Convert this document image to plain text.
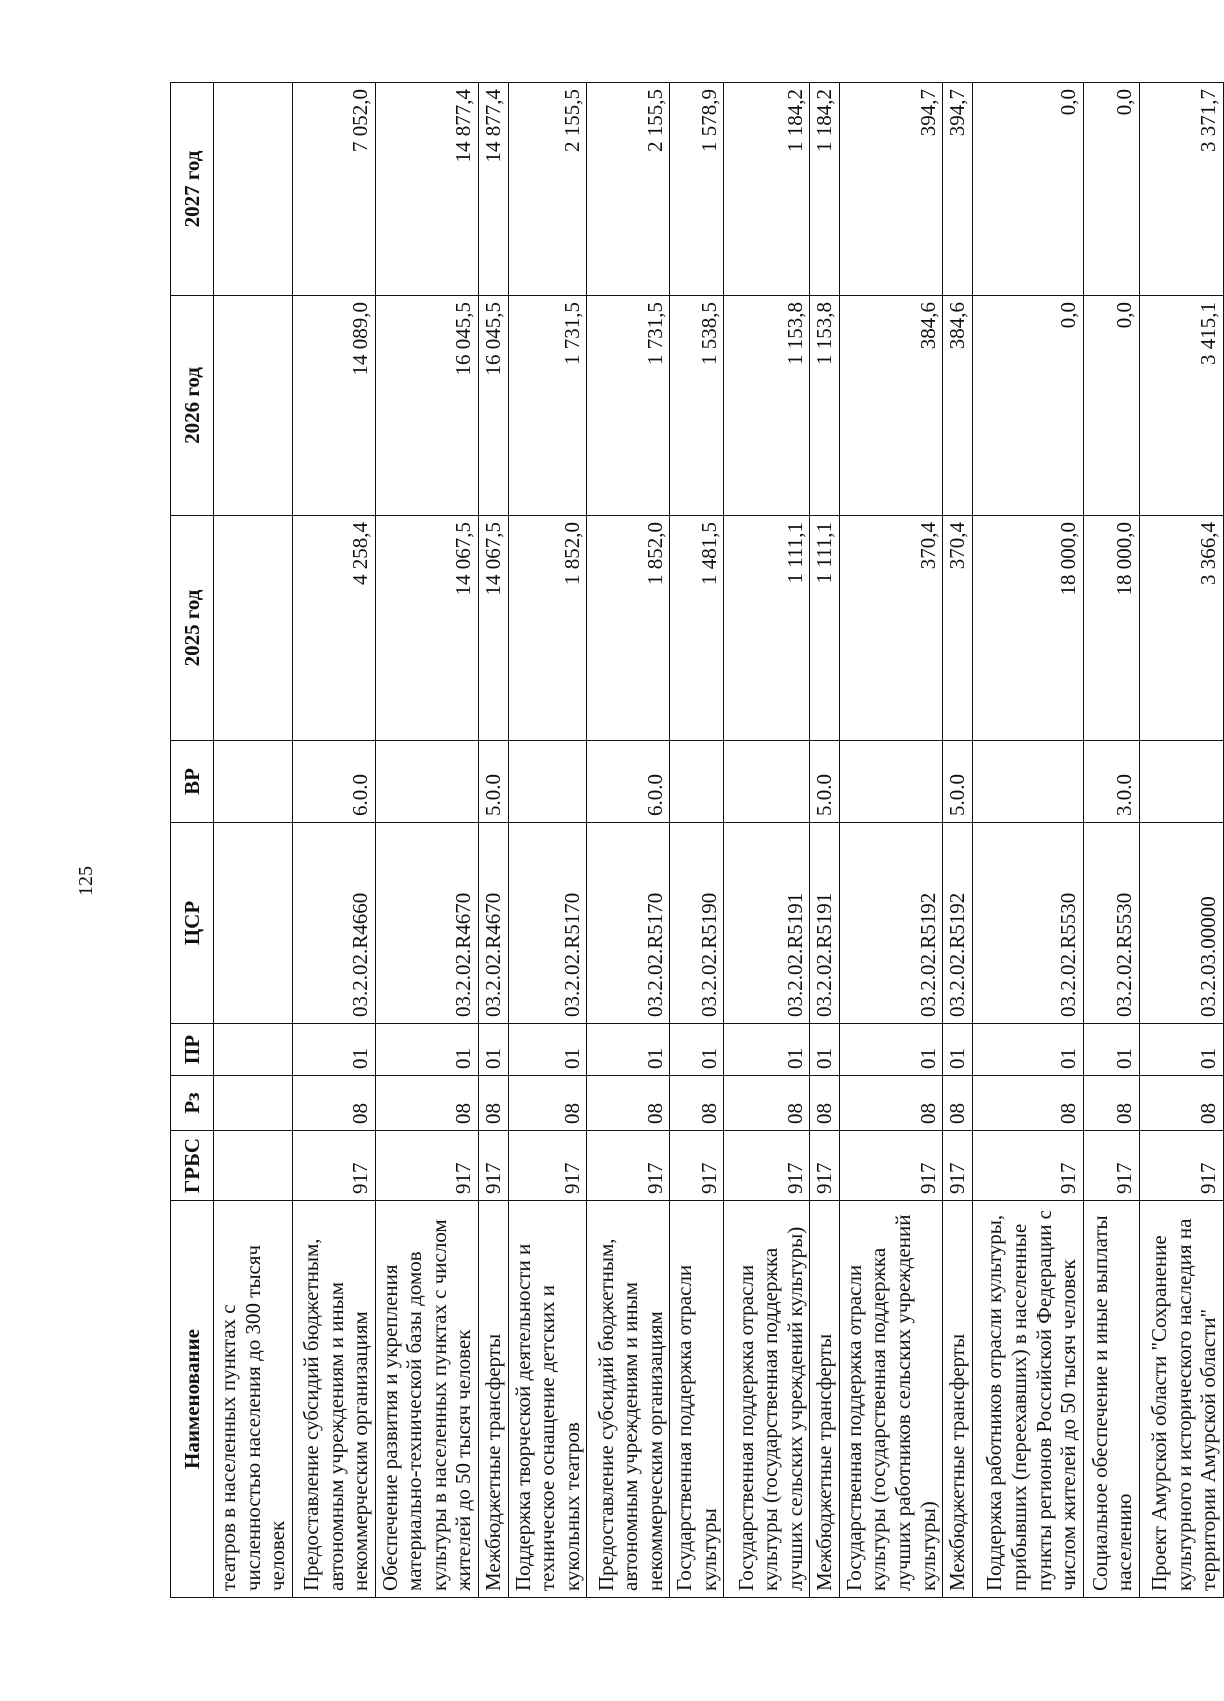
125
Наименование	ГРБС	Рз	ПР	ЦСР	ВР	2025 год	2026 год	2027 год
театров в населенных пунктах с численностью населения до 300 тысяч человек								
Предоставление субсидий бюджетным, автономным учреждениям и иным некоммерческим организациям	917	08	01	03.2.02.R4660	6.0.0	4 258,4	14 089,0	7 052,0
Обеспечение развития и укрепления материально-технической базы домов культуры в населенных пунктах с числом жителей до 50 тысяч человек	917	08	01	03.2.02.R4670		14 067,5	16 045,5	14 877,4
Межбюджетные трансферты	917	08	01	03.2.02.R4670	5.0.0	14 067,5	16 045,5	14 877,4
Поддержка творческой деятельности и техническое оснащение детских и кукольных театров	917	08	01	03.2.02.R5170		1 852,0	1 731,5	2 155,5
Предоставление субсидий бюджетным, автономным учреждениям и иным некоммерческим организациям	917	08	01	03.2.02.R5170	6.0.0	1 852,0	1 731,5	2 155,5
Государственная поддержка отрасли культуры	917	08	01	03.2.02.R5190		1 481,5	1 538,5	1 578,9
Государственная поддержка отрасли культуры (государственная поддержка лучших сельских учреждений культуры)	917	08	01	03.2.02.R5191		1 111,1	1 153,8	1 184,2
Межбюджетные трансферты	917	08	01	03.2.02.R5191	5.0.0	1 111,1	1 153,8	1 184,2
Государственная поддержка отрасли культуры (государственная поддержка лучших работников сельских учреждений культуры)	917	08	01	03.2.02.R5192		370,4	384,6	394,7
Межбюджетные трансферты	917	08	01	03.2.02.R5192	5.0.0	370,4	384,6	394,7
Поддержка работников отрасли культуры, прибывших (переехавших) в населенные пункты регионов Российской Федерации с числом жителей до 50 тысяч человек	917	08	01	03.2.02.R5530		18 000,0	0,0	0,0
Социальное обеспечение и иные выплаты населению	917	08	01	03.2.02.R5530	3.0.0	18 000,0	0,0	0,0
Проект Амурской области "Сохранение культурного и исторического наследия на территории Амурской области"	917	08	01	03.2.03.00000		3 366,4	3 415,1	3 371,7
